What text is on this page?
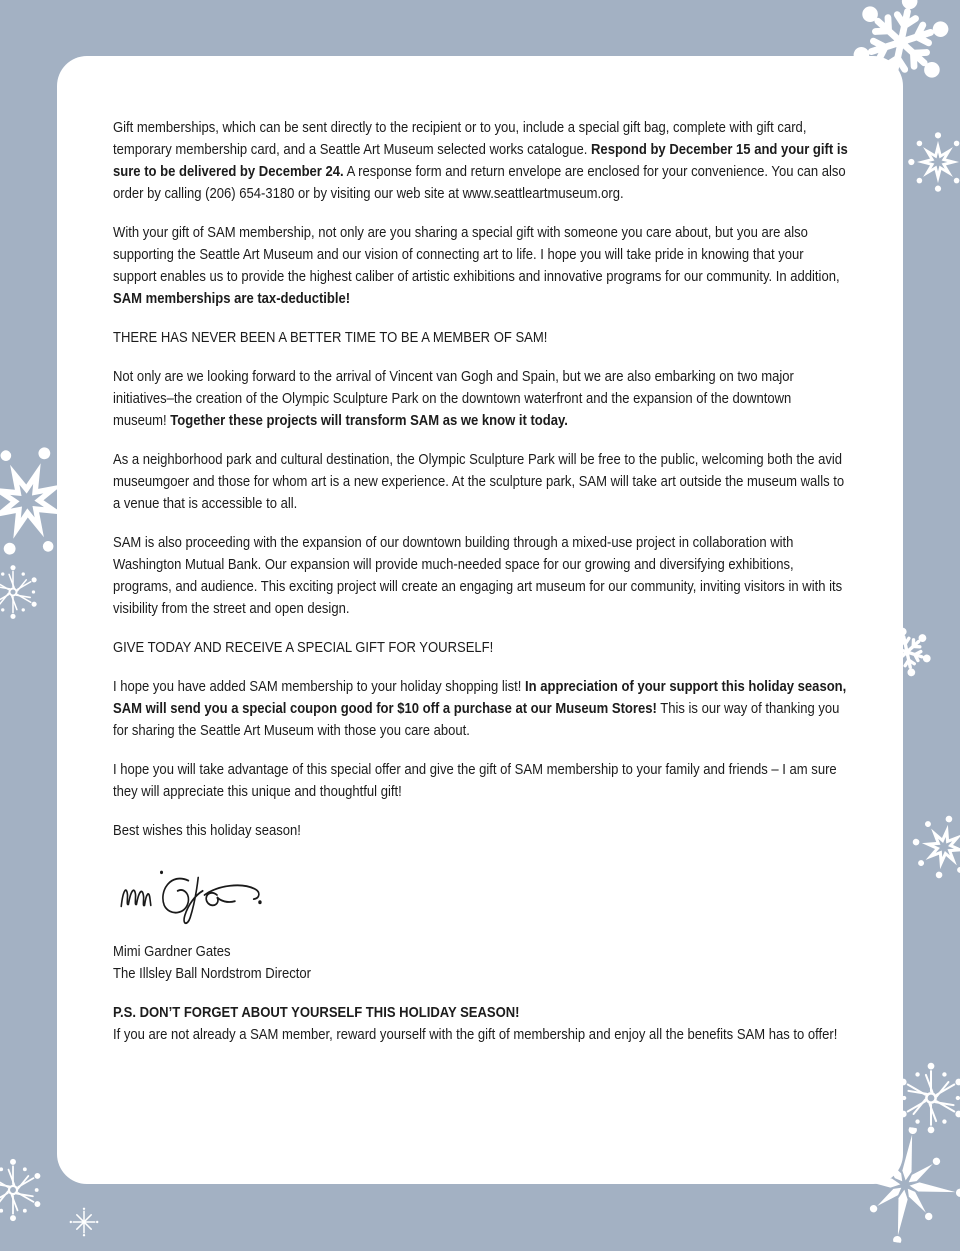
Gift memberships, which can be sent directly to the recipient or to you, include a special gift bag, complete with gift card, temporary membership card, and a Seattle Art Museum selected works catalogue. Respond by December 15 and your gift is sure to be delivered by December 24. A response form and return envelope are enclosed for your convenience. You can also order by calling (206) 654-3180 or by visiting our web site at www.seattleartmuseum.org.

With your gift of SAM membership, not only are you sharing a special gift with someone you care about, but you are also supporting the Seattle Art Museum and our vision of connecting art to life. I hope you will take pride in knowing that your support enables us to provide the highest caliber of artistic exhibitions and innovative programs for our community. In addition, SAM memberships are tax-deductible!

THERE HAS NEVER BEEN A BETTER TIME TO BE A MEMBER OF SAM!

Not only are we looking forward to the arrival of Vincent van Gogh and Spain, but we are also embarking on two major initiatives–the creation of the Olympic Sculpture Park on the downtown waterfront and the expansion of the downtown museum! Together these projects will transform SAM as we know it today.

As a neighborhood park and cultural destination, the Olympic Sculpture Park will be free to the public, welcoming both the avid museumgoer and those for whom art is a new experience. At the sculpture park, SAM will take art outside the museum walls to a venue that is accessible to all.

SAM is also proceeding with the expansion of our downtown building through a mixed-use project in collaboration with Washington Mutual Bank. Our expansion will provide much-needed space for our growing and diversifying exhibitions, programs, and audience. This exciting project will create an engaging art museum for our community, inviting visitors in with its visibility from the street and open design.

GIVE TODAY AND RECEIVE A SPECIAL GIFT FOR YOURSELF!

I hope you have added SAM membership to your holiday shopping list! In appreciation of your support this holiday season, SAM will send you a special coupon good for $10 off a purchase at our Museum Stores! This is our way of thanking you for sharing the Seattle Art Museum with those you care about.

I hope you will take advantage of this special offer and give the gift of SAM membership to your family and friends – I am sure they will appreciate this unique and thoughtful gift!

Best wishes this holiday season!

Mimi Gardner Gates

The Illsley Ball Nordstrom Director

P.S. DON’T FORGET ABOUT YOURSELF THIS HOLIDAY SEASON!

If you are not already a SAM member, reward yourself with the gift of membership and enjoy all the benefits SAM has to offer!
